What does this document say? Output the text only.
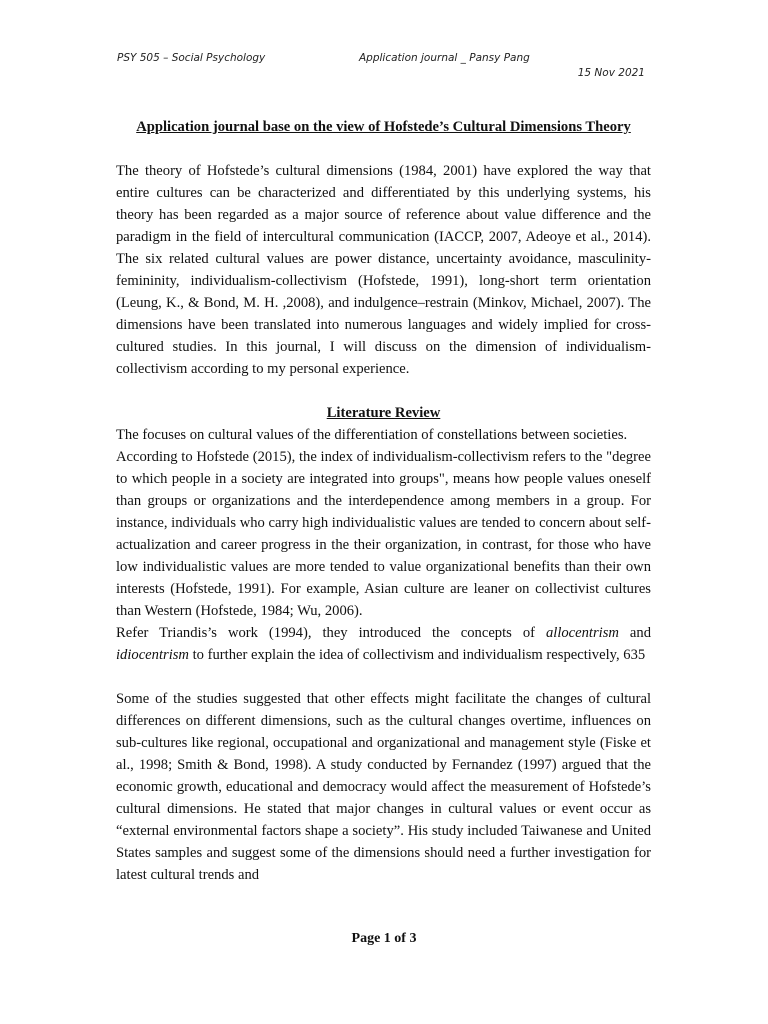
PSY 505 – Social Psychology	Application journal _ Pansy Pang
15 Nov 2021
Application journal base on the view of Hofstede’s Cultural Dimensions Theory

The theory of Hofstede’s cultural dimensions (1984, 2001) have explored the way that entire cultures can be characterized and differentiated by this underlying systems, his theory has been regarded as a major source of reference about value difference and the paradigm in the field of intercultural communication (IACCP, 2007, Adeoye et al., 2014). The six related cultural values are power distance, uncertainty avoidance, masculinity-femininity, individualism-collectivism (Hofstede, 1991), long-short term orientation (Leung, K., & Bond, M. H. ,2008), and indulgence–restrain (Minkov, Michael, 2007). The dimensions have been translated into numerous languages and widely implied for cross-cultured studies. In this journal, I will discuss on the dimension of individualism-collectivism according to my personal experience.

Literature Review

The focuses on cultural values of the differentiation of constellations between societies.

According to Hofstede (2015), the index of individualism-collectivism refers to the "degree to which people in a society are integrated into groups", means how people values oneself than groups or organizations and the interdependence among members in a group. For instance, individuals who carry high individualistic values are tended to concern about self-actualization and career progress in the their organization, in contrast, for those who have low individualistic values are more tended to value organizational benefits than their own interests (Hofstede, 1991). For example, Asian culture are leaner on collectivist cultures than Western (Hofstede, 1984; Wu, 2006).

Refer Triandis’s work (1994), they introduced the concepts of allocentrism and idiocentrism to further explain the idea of collectivism and individualism respectively, 635

Some of the studies suggested that other effects might facilitate the changes of cultural differences on different dimensions, such as the cultural changes overtime, influences on sub-cultures like regional, occupational and organizational and management style (Fiske et al., 1998; Smith & Bond, 1998). A study conducted by Fernandez (1997) argued that the economic growth, educational and democracy would affect the measurement of Hofstede’s cultural dimensions. He stated that major changes in cultural values or event occur as “external environmental factors shape a society”. His study included Taiwanese and United States samples and suggest some of the dimensions should need a further investigation for latest cultural trends and

Page 1 of 3
